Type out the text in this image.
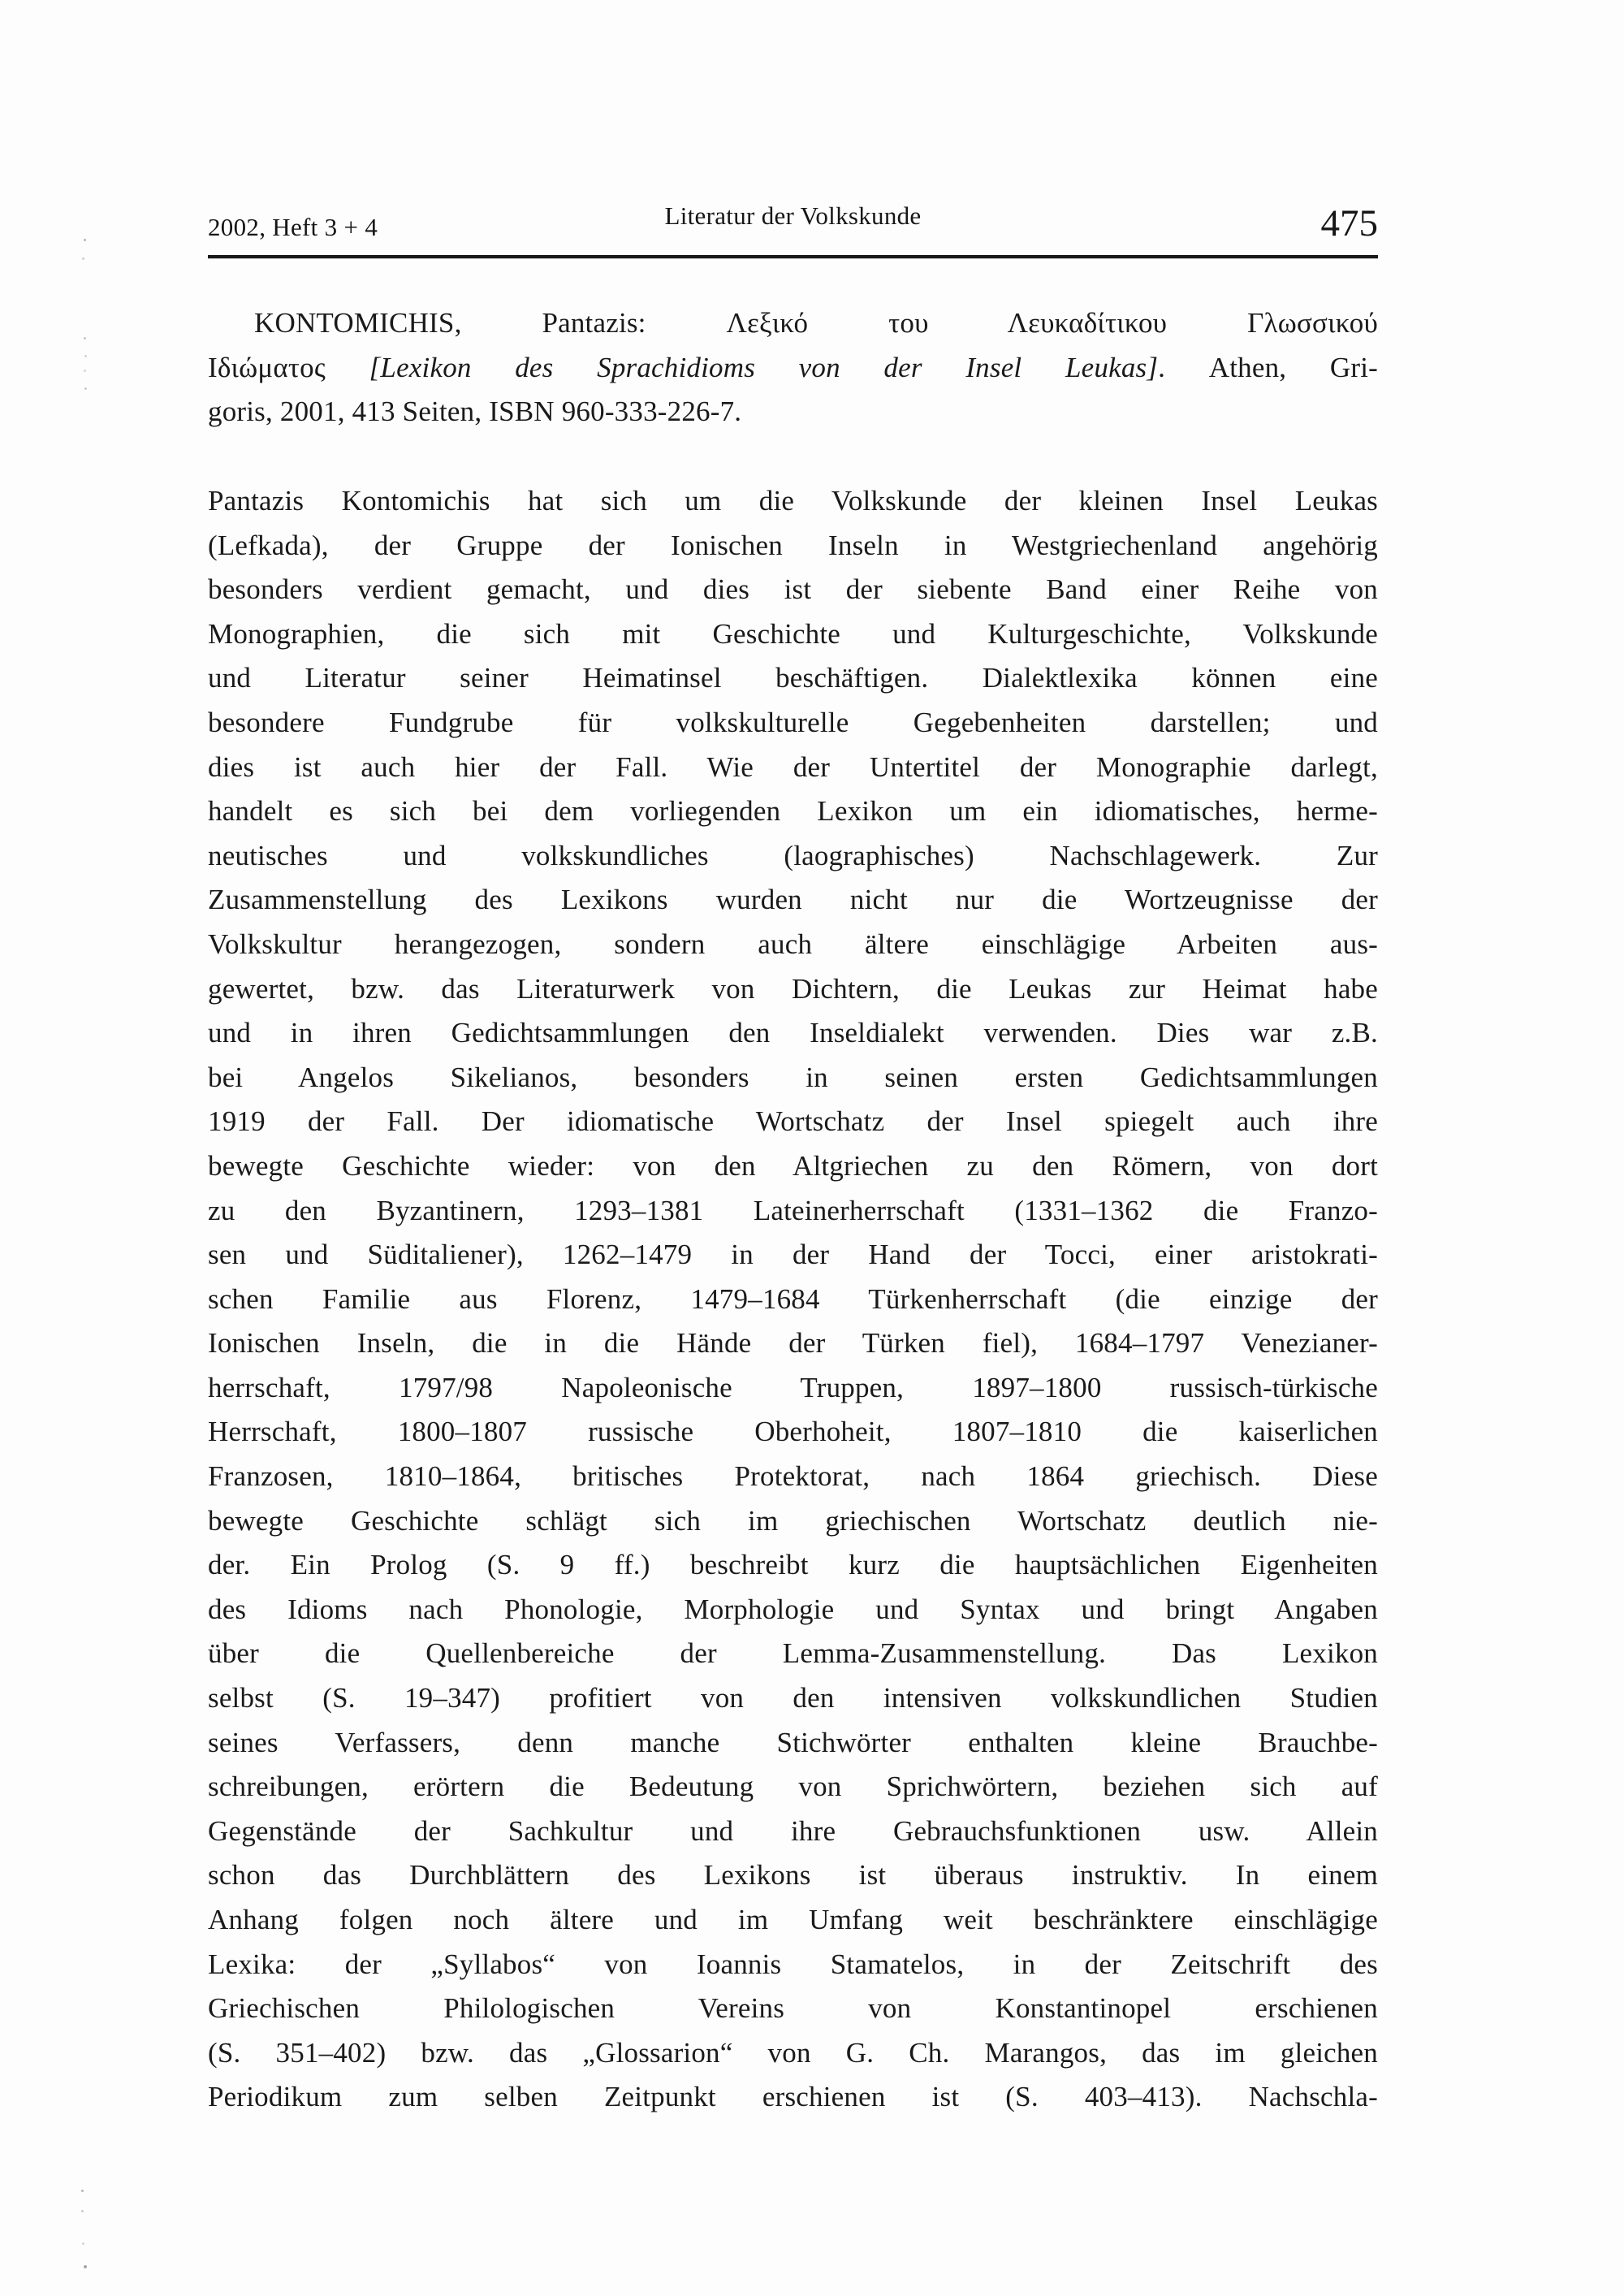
2002, Heft 3 + 4	Literatur der Volkskunde	475
KONTOMICHIS, Pantazis: Λεξικό του Λευκαδίτικου Γλωσσικού
Ιδιώματος [Lexikon des Sprachidioms von der Insel Leukas]. Athen, Gri-
goris, 2001, 413 Seiten, ISBN 960-333-226-7.
Pantazis Kontomichis hat sich um die Volkskunde der kleinen Insel Leukas
(Lefkada), der Gruppe der Ionischen Inseln in Westgriechenland angehörig
besonders verdient gemacht, und dies ist der siebente Band einer Reihe von
Monographien, die sich mit Geschichte und Kulturgeschichte, Volkskunde
und Literatur seiner Heimatinsel beschäftigen. Dialektlexika können eine
besondere Fundgrube für volkskulturelle Gegebenheiten darstellen; und
dies ist auch hier der Fall. Wie der Untertitel der Monographie darlegt,
handelt es sich bei dem vorliegenden Lexikon um ein idiomatisches, herme-
neutisches und volkskundliches (laographisches) Nachschlagewerk. Zur
Zusammenstellung des Lexikons wurden nicht nur die Wortzeugnisse der
Volkskultur herangezogen, sondern auch ältere einschlägige Arbeiten aus-
gewertet, bzw. das Literaturwerk von Dichtern, die Leukas zur Heimat habe
und in ihren Gedichtsammlungen den Inseldialekt verwenden. Dies war z.B.
bei Angelos Sikelianos, besonders in seinen ersten Gedichtsammlungen
1919 der Fall. Der idiomatische Wortschatz der Insel spiegelt auch ihre
bewegte Geschichte wieder: von den Altgriechen zu den Römern, von dort
zu den Byzantinern, 1293–1381 Lateinerherrschaft (1331–1362 die Franzo-
sen und Süditaliener), 1262–1479 in der Hand der Tocci, einer aristokrati-
schen Familie aus Florenz, 1479–1684 Türkenherrschaft (die einzige der
Ionischen Inseln, die in die Hände der Türken fiel), 1684–1797 Venezianer-
herrschaft, 1797/98 Napoleonische Truppen, 1897–1800 russisch-türkische
Herrschaft, 1800–1807 russische Oberhoheit, 1807–1810 die kaiserlichen
Franzosen, 1810–1864, britisches Protektorat, nach 1864 griechisch. Diese
bewegte Geschichte schlägt sich im griechischen Wortschatz deutlich nie-
der. Ein Prolog (S. 9 ff.) beschreibt kurz die hauptsächlichen Eigenheiten
des Idioms nach Phonologie, Morphologie und Syntax und bringt Angaben
über die Quellenbereiche der Lemma-Zusammenstellung. Das Lexikon
selbst (S. 19–347) profitiert von den intensiven volkskundlichen Studien
seines Verfassers, denn manche Stichwörter enthalten kleine Brauchbe-
schreibungen, erörtern die Bedeutung von Sprichwörtern, beziehen sich auf
Gegenstände der Sachkultur und ihre Gebrauchsfunktionen usw. Allein
schon das Durchblättern des Lexikons ist überaus instruktiv. In einem
Anhang folgen noch ältere und im Umfang weit beschränktere einschlägige
Lexika: der „Syllabos“ von Ioannis Stamatelos, in der Zeitschrift des
Griechischen Philologischen Vereins von Konstantinopel erschienen
(S. 351–402) bzw. das „Glossarion“ von G. Ch. Marangos, das im gleichen
Periodikum zum selben Zeitpunkt erschienen ist (S. 403–413). Nachschla-
